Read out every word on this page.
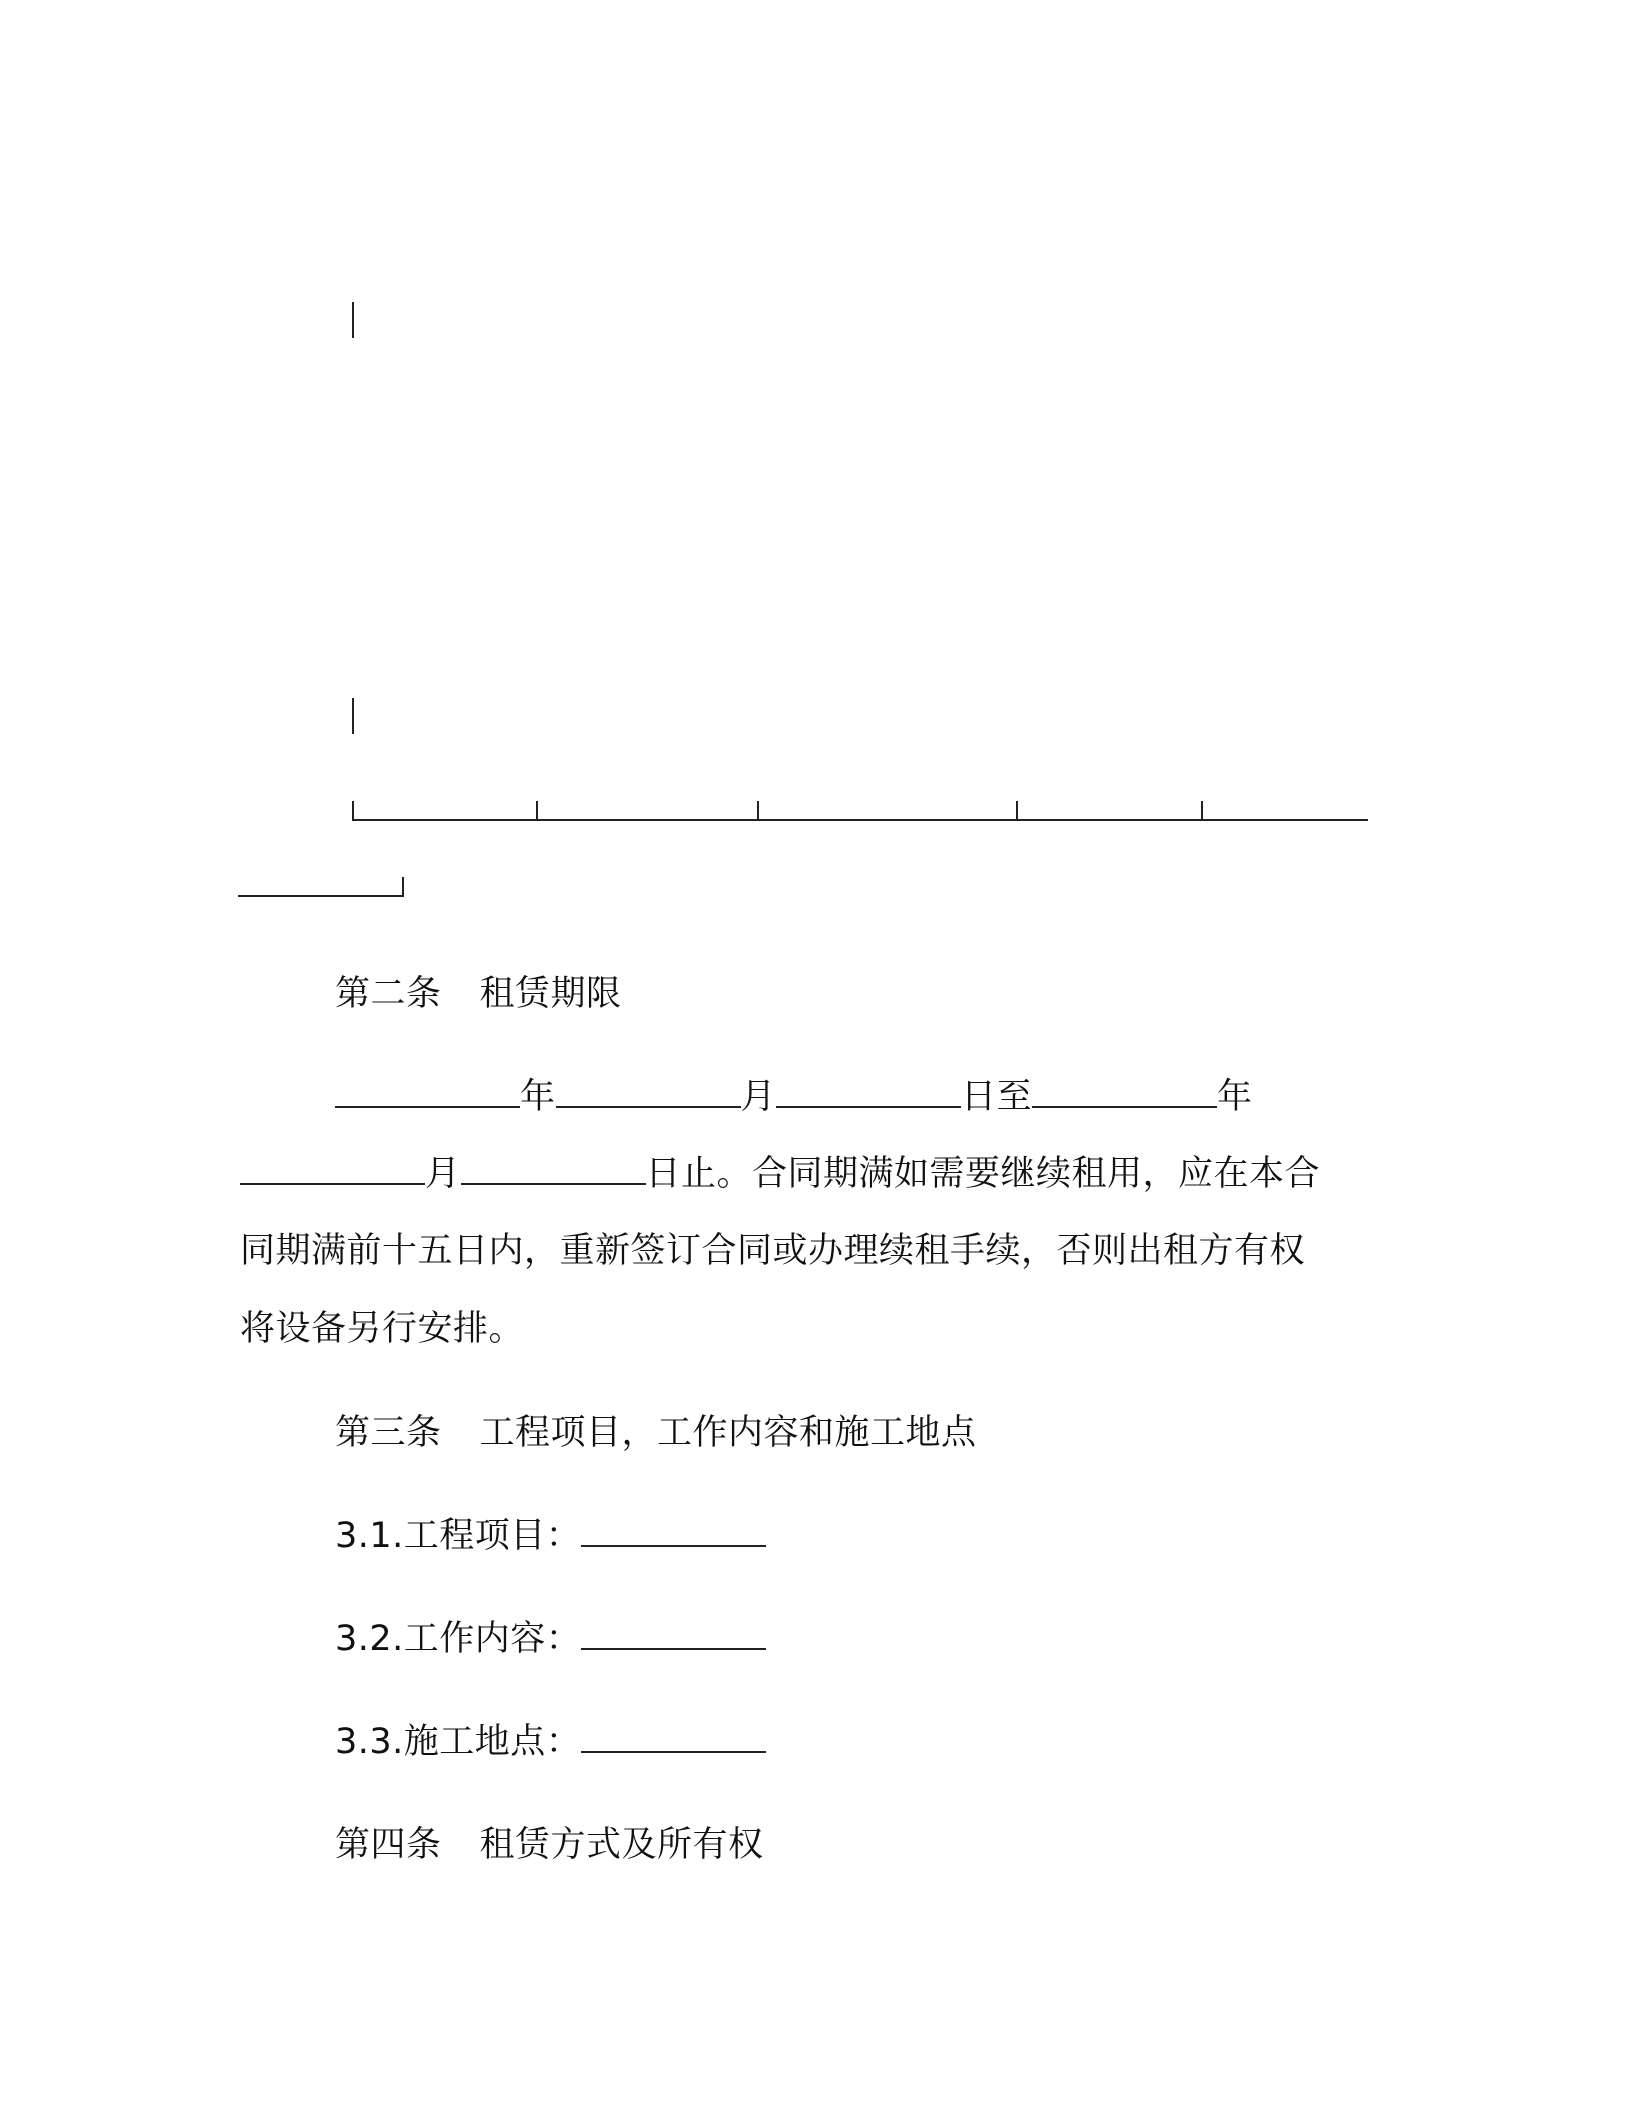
第二条 租赁期限
年	月	日至	年
月	日止。合同期满如需要继续租用，应在本合
同期满前十五日内，重新签订合同或办理续租手续，否则出租方有权
将设备另行安排。
第三条 工程项目，工作内容和施工地点
3.1.工程项目：
3.2.工作内容：
3.3.施工地点：
第四条 租赁方式及所有权
